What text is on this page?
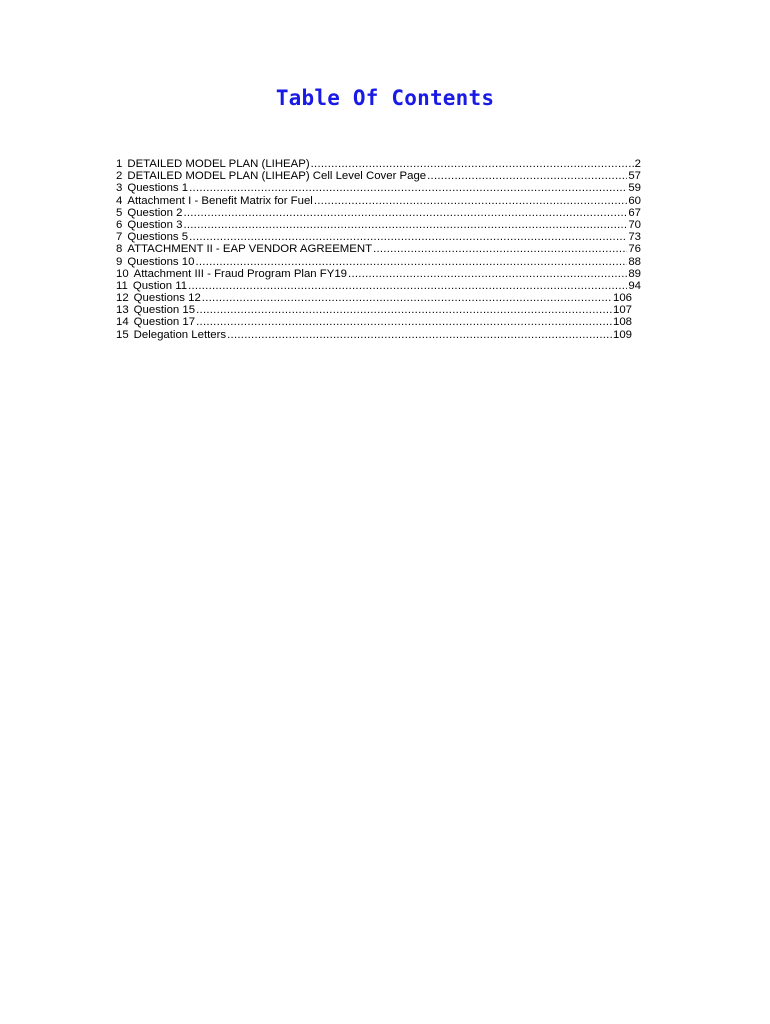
Table Of Contents
1 DETAILED MODEL PLAN (LIHEAP) .....	2
2 DETAILED MODEL PLAN (LIHEAP) Cell Level Cover Page .....	57
3 Questions 1 .....	59
4 Attachment I - Benefit Matrix for Fuel .....	60
5 Question 2 .....	67
6 Question 3 .....	70
7 Questions 5 .....	73
8 ATTACHMENT II - EAP VENDOR AGREEMENT .....	76
9 Questions 10 .....	88
10 Attachment III - Fraud Program Plan FY19 .....	89
11 Qustion 11 .....	94
12 Questions 12 .....	106
13 Question 15 .....	107
14 Question 17 .....	108
15 Delegation Letters .....	109
